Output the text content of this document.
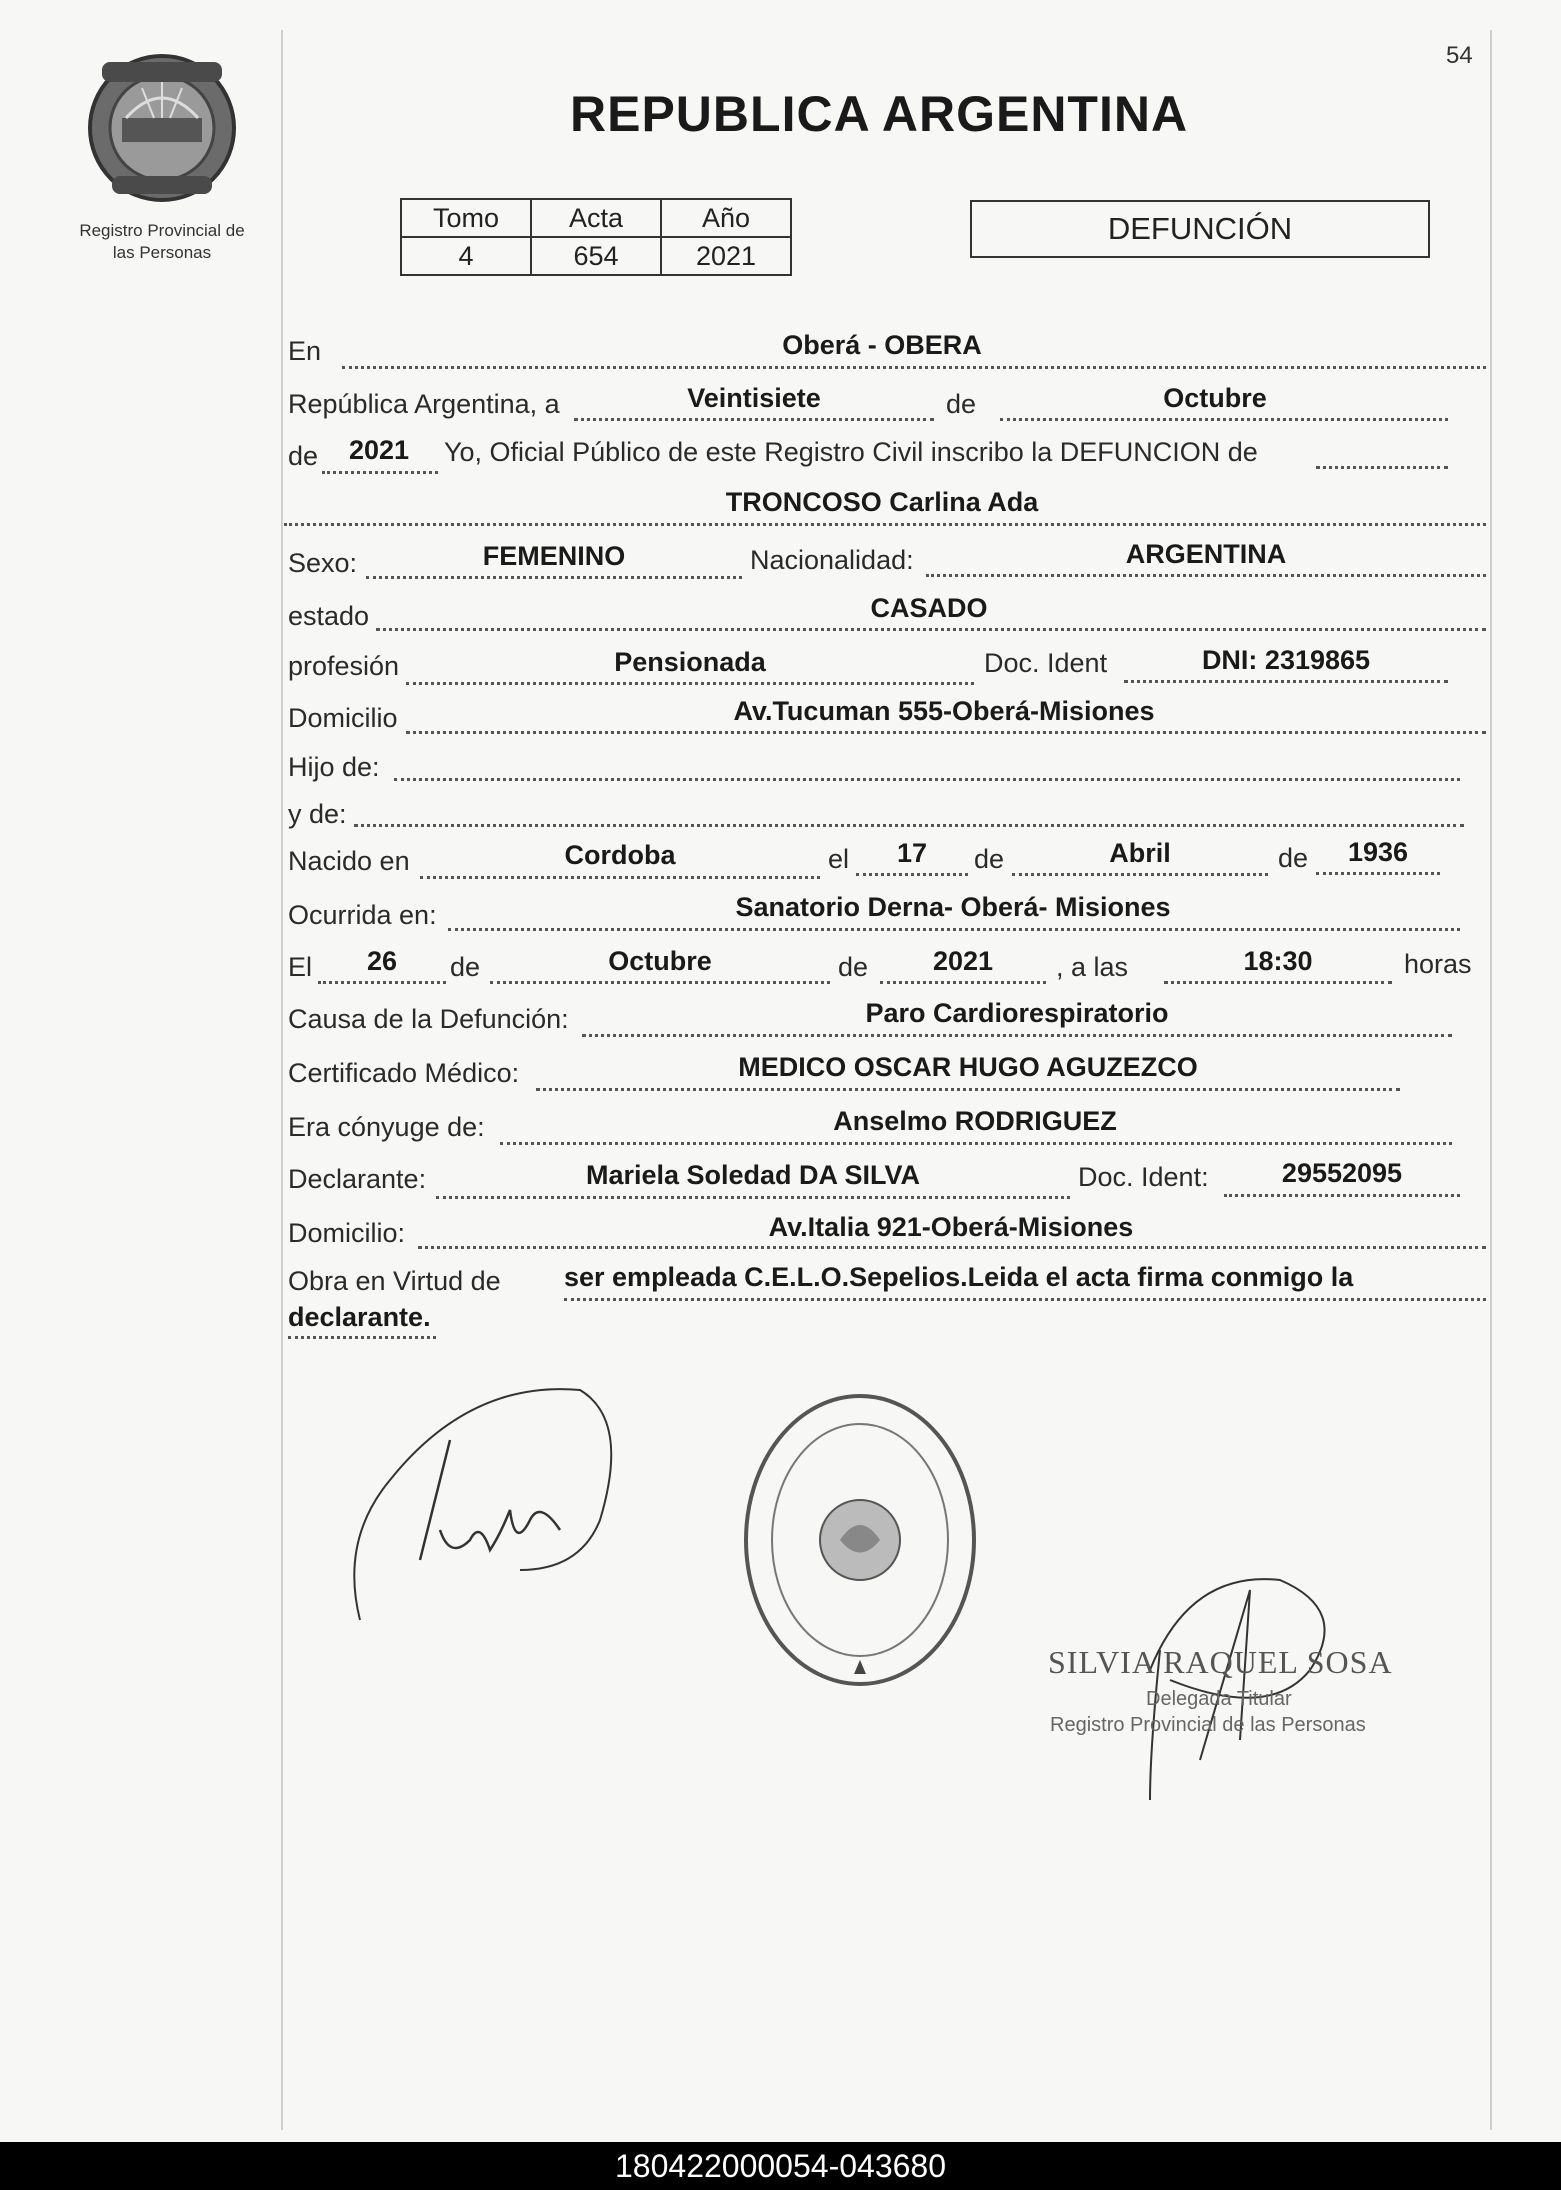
54
Registro Provincial de
las Personas
REPUBLICA ARGENTINA
Tomo	Acta	Año
4	654	2021
DEFUNCIÓN
En	Oberá - OBERA
República Argentina, a	Veintisiete	de	Octubre
de	2021	Yo, Oficial Público de este Registro Civil inscribo la DEFUNCION de
TRONCOSO Carlina Ada
Sexo:	FEMENINO	Nacionalidad:	ARGENTINA
estado	CASADO
profesión	Pensionada	Doc. Ident	DNI: 2319865
Domicilio	Av.Tucuman 555-Oberá-Misiones
Hijo de:
y de:
Nacido en	Cordoba	el	17	de	Abril	de	1936
Ocurrida en:	Sanatorio Derna- Oberá- Misiones
El	26	de	Octubre	de	2021	, a las	18:30	horas
Causa de la Defunción:	Paro Cardiorespiratorio
Certificado Médico:	MEDICO OSCAR HUGO AGUZEZCO
Era cónyuge de:	Anselmo RODRIGUEZ
Declarante:	Mariela Soledad DA SILVA	Doc. Ident:	29552095
Domicilio:	Av.Italia 921-Oberá-Misiones
Obra en Virtud de ser empleada C.E.L.O.Sepelios.Leida el acta firma conmigo la
declarante.
SILVIA RAQUEL SOSA
Delegada Titular
Registro Provincial de las Personas
180422000054-043680
